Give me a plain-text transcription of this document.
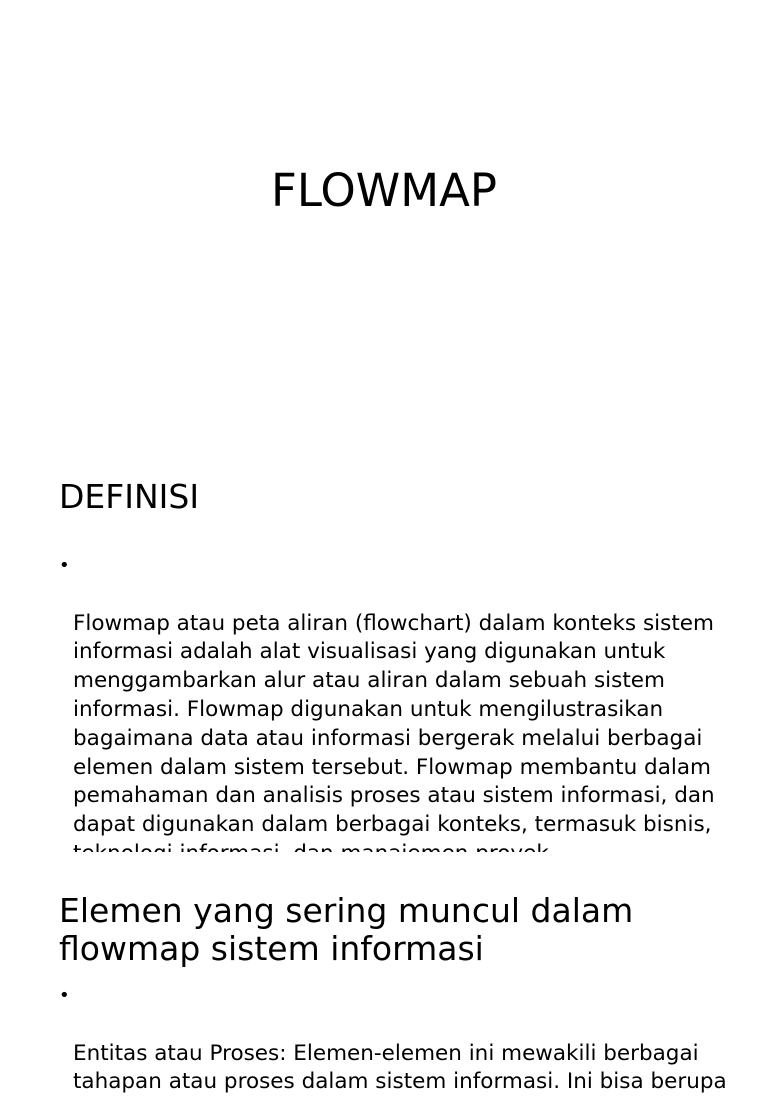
FLOWMAP
DEFINISI

•

Flowmap atau peta aliran (flowchart) dalam konteks sistem
informasi adalah alat visualisasi yang digunakan untuk
menggambarkan alur atau aliran dalam sebuah sistem
informasi. Flowmap digunakan untuk mengilustrasikan
bagaimana data atau informasi bergerak melalui berbagai
elemen dalam sistem tersebut. Flowmap membantu dalam
pemahaman dan analisis proses atau sistem informasi, dan
dapat digunakan dalam berbagai konteks, termasuk bisnis,

Elemen yang sering muncul dalam
flowmap sistem informasi

•

Entitas atau Proses: Elemen-elemen ini mewakili berbagai
tahapan atau proses dalam sistem informasi. Ini bisa berupa
